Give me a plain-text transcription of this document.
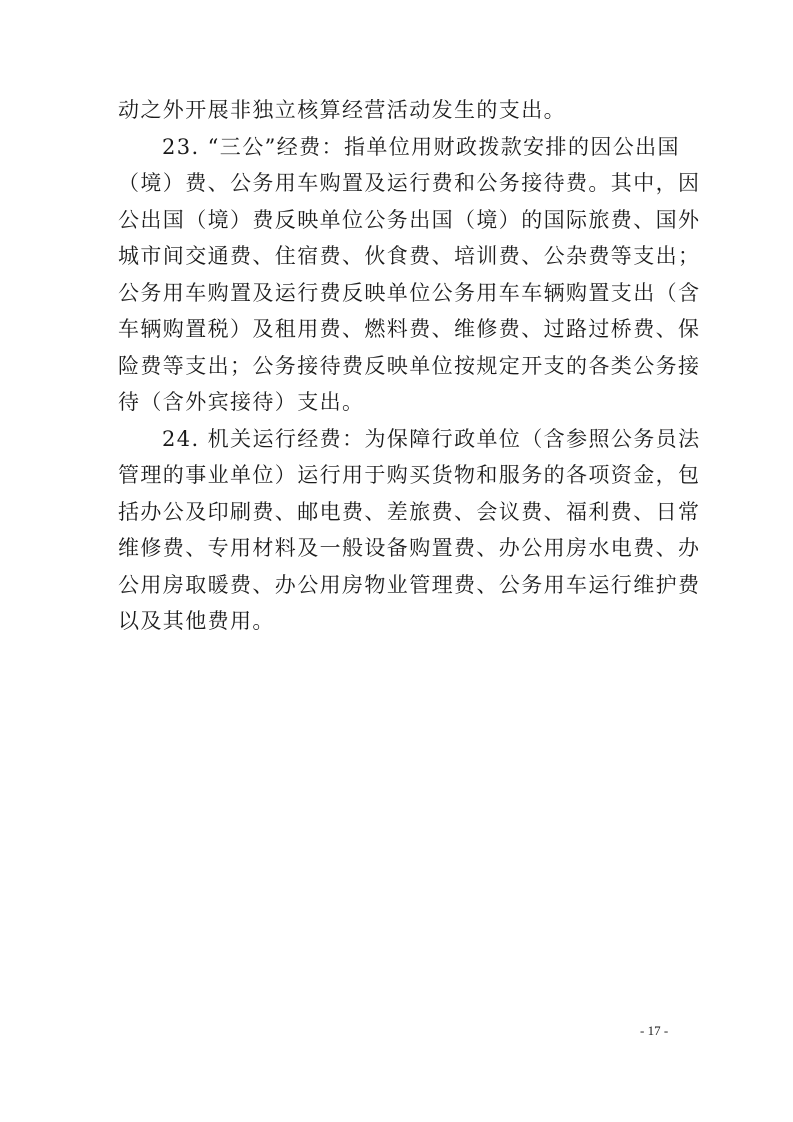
动之外开展非独立核算经营活动发生的支出。
23. “三公”经费：指单位用财政拨款安排的因公出国
（境）费、公务用车购置及运行费和公务接待费。其中，因
公出国（境）费反映单位公务出国（境）的国际旅费、国外
城市间交通费、住宿费、伙食费、培训费、公杂费等支出；
公务用车购置及运行费反映单位公务用车车辆购置支出（含
车辆购置税）及租用费、燃料费、维修费、过路过桥费、保
险费等支出；公务接待费反映单位按规定开支的各类公务接
待（含外宾接待）支出。
24. 机关运行经费：为保障行政单位（含参照公务员法
管理的事业单位）运行用于购买货物和服务的各项资金，包
括办公及印刷费、邮电费、差旅费、会议费、福利费、日常
维修费、专用材料及一般设备购置费、办公用房水电费、办
公用房取暖费、办公用房物业管理费、公务用车运行维护费
以及其他费用。
- 17 -
